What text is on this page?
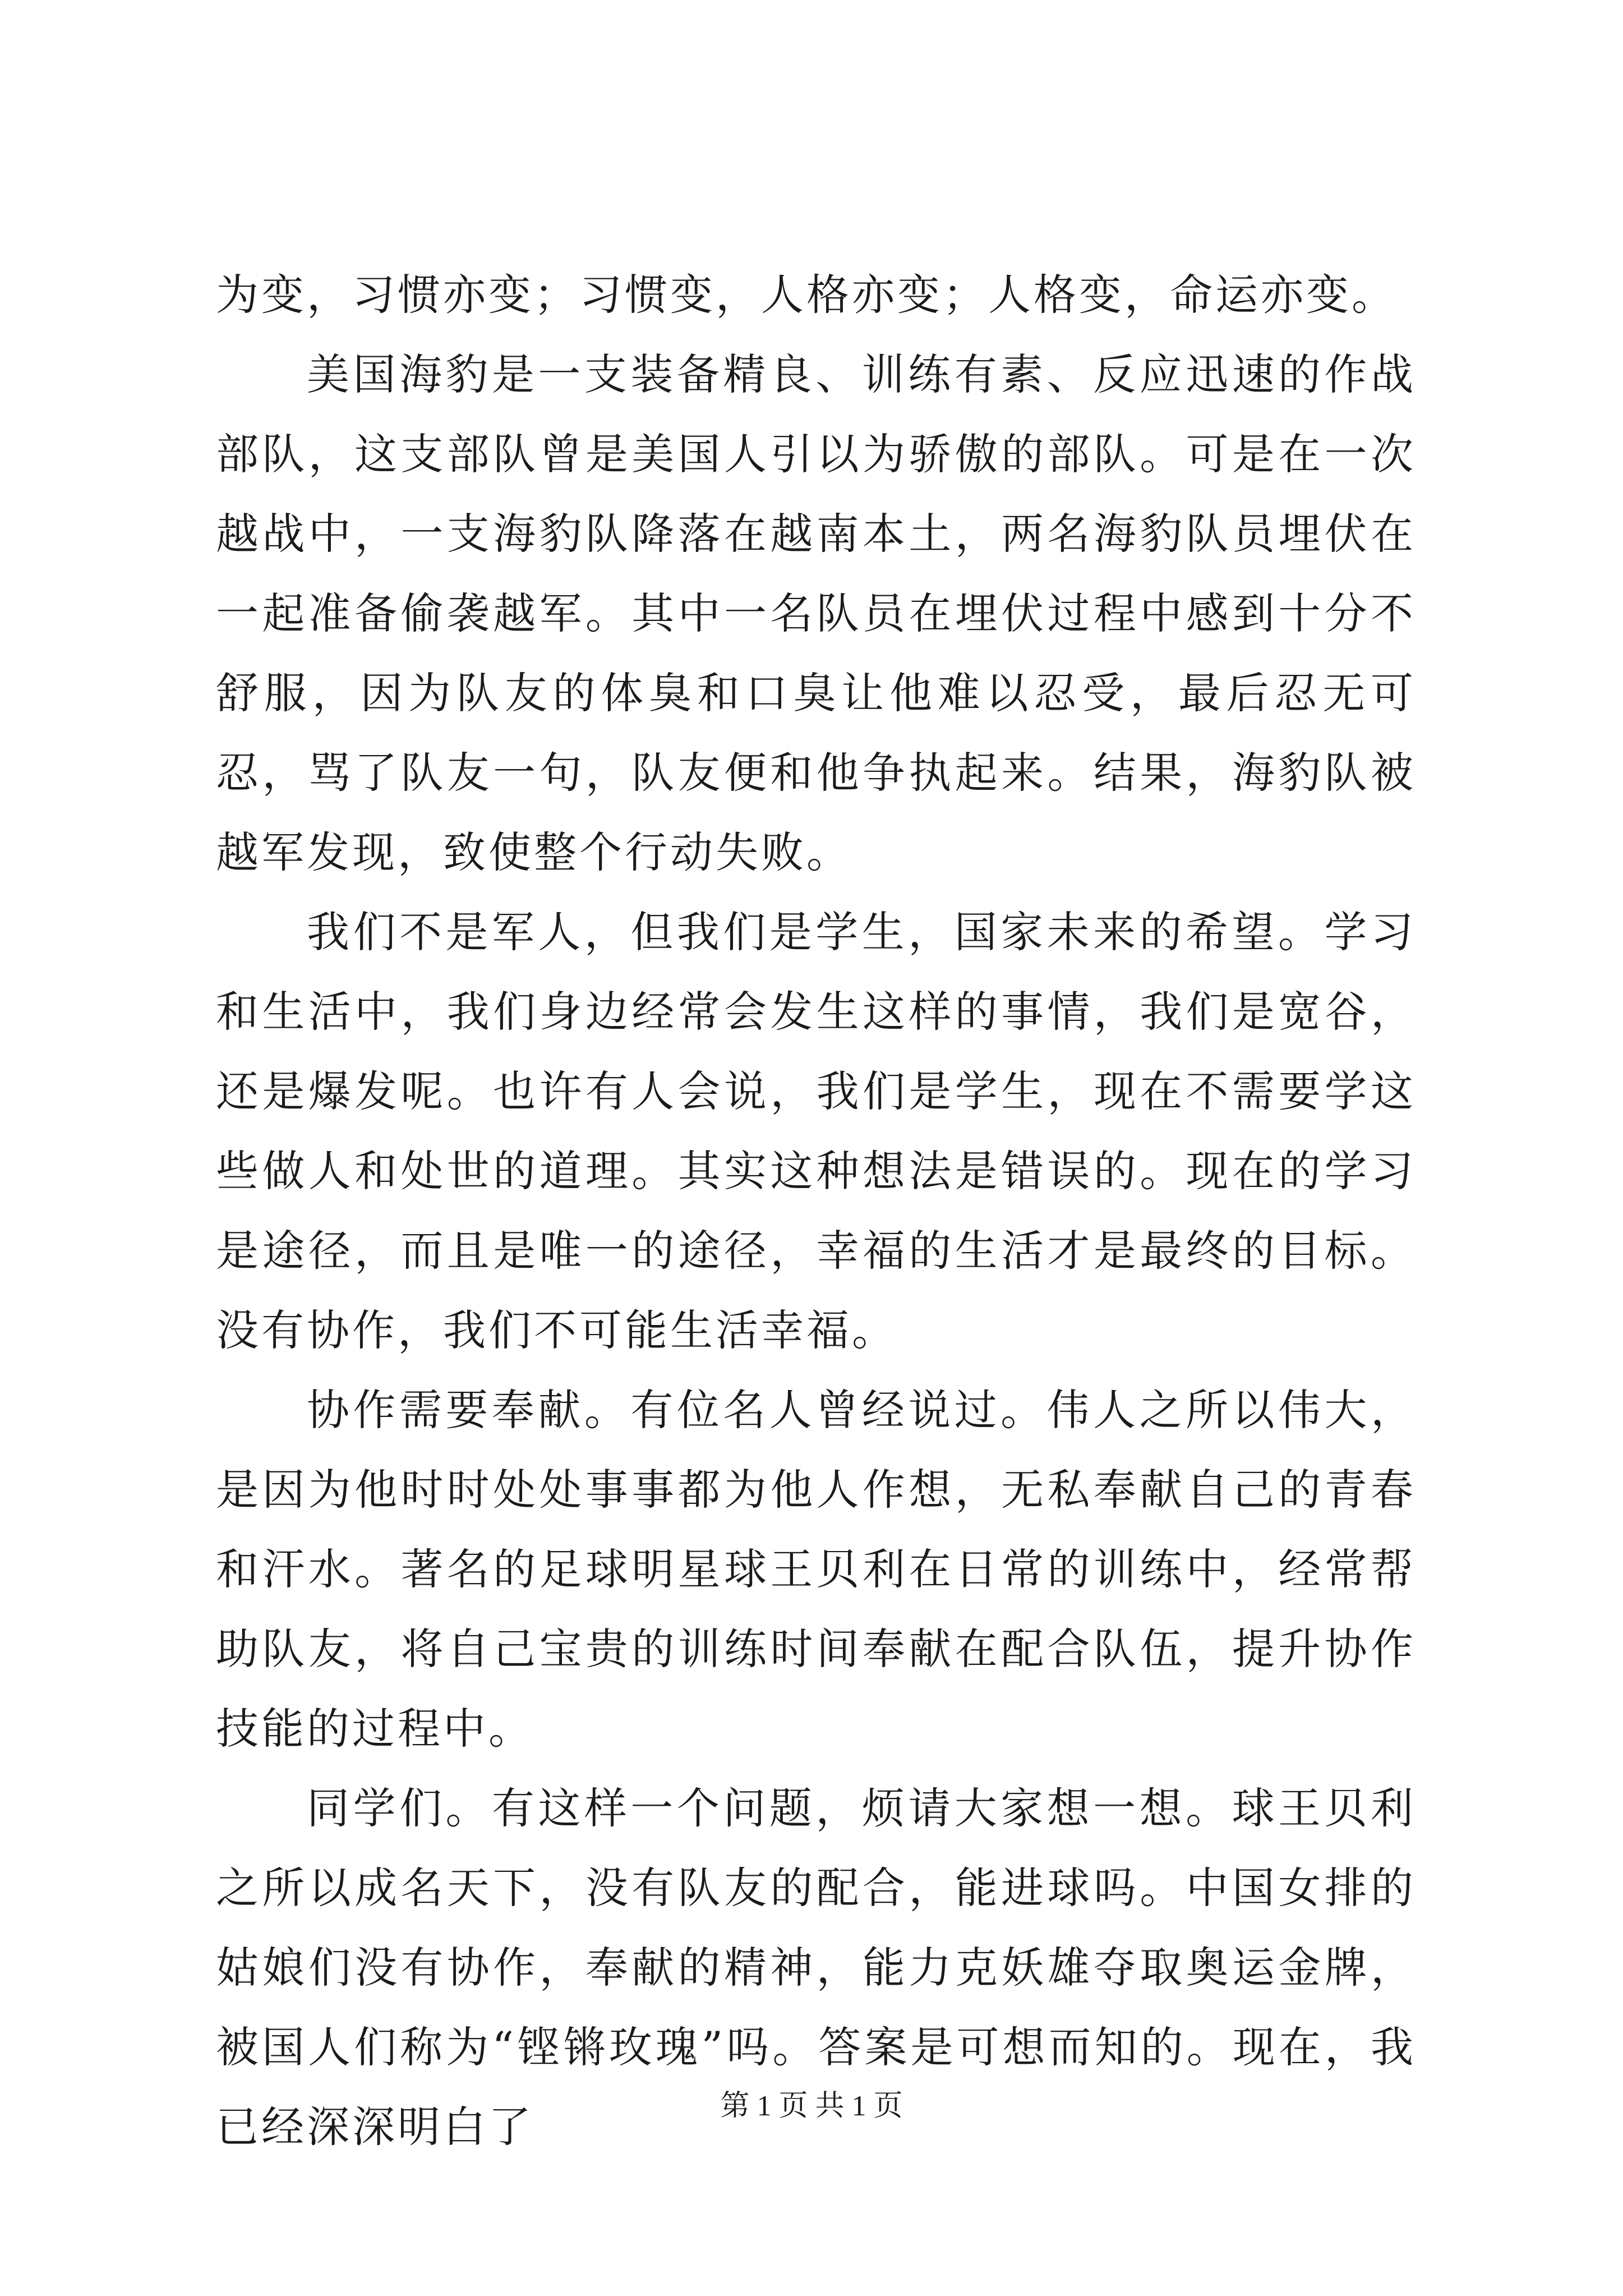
为变，习惯亦变；习惯变，人格亦变；人格变，命运亦变。

美国海豹是一支装备精良、训练有素、反应迅速的作战部队，这支部队曾是美国人引以为骄傲的部队。可是在一次越战中，一支海豹队降落在越南本土，两名海豹队员埋伏在一起准备偷袭越军。其中一名队员在埋伏过程中感到十分不舒服，因为队友的体臭和口臭让他难以忍受，最后忍无可忍，骂了队友一句，队友便和他争执起来。结果，海豹队被越军发现，致使整个行动失败。

我们不是军人，但我们是学生，国家未来的希望。学习和生活中，我们身边经常会发生这样的事情，我们是宽谷，还是爆发呢。也许有人会说，我们是学生，现在不需要学这些做人和处世的道理。其实这种想法是错误的。现在的学习是途径，而且是唯一的途径，幸福的生活才是最终的目标。没有协作，我们不可能生活幸福。

协作需要奉献。有位名人曾经说过。伟人之所以伟大，是因为他时时处处事事都为他人作想，无私奉献自己的青春和汗水。著名的足球明星球王贝利在日常的训练中，经常帮助队友，将自己宝贵的训练时间奉献在配合队伍，提升协作技能的过程中。

同学们。有这样一个问题，烦请大家想一想。球王贝利之所以成名天下，没有队友的配合，能进球吗。中国女排的姑娘们没有协作，奉献的精神，能力克妖雄夺取奥运金牌，被国人们称为“铿锵玫瑰”吗。答案是可想而知的。现在，我已经深深明白了	第 1 页 共 1 页
